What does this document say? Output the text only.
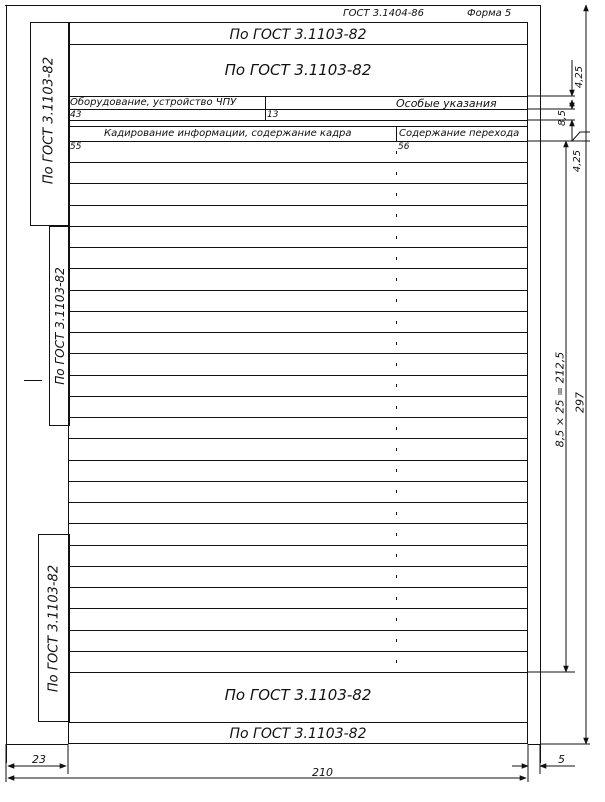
ГОСТ 3.1404-86	Форма 5
По ГОСТ 3.1103-82
По ГОСТ 3.1103-82
По ГОСТ 3.1103-82
По ГОСТ 3.1103-82
По ГОСТ 3.1103-82
Оборудование, устройство ЧПУ	Особые указания
43	13
Кадирование информации, содержание кадра	Содержание перехода
55	56
По ГОСТ 3.1103-82
По ГОСТ 3.1103-82
4,25
8,5
4,25
8,5 × 25 = 212,5 297
23
210
5
